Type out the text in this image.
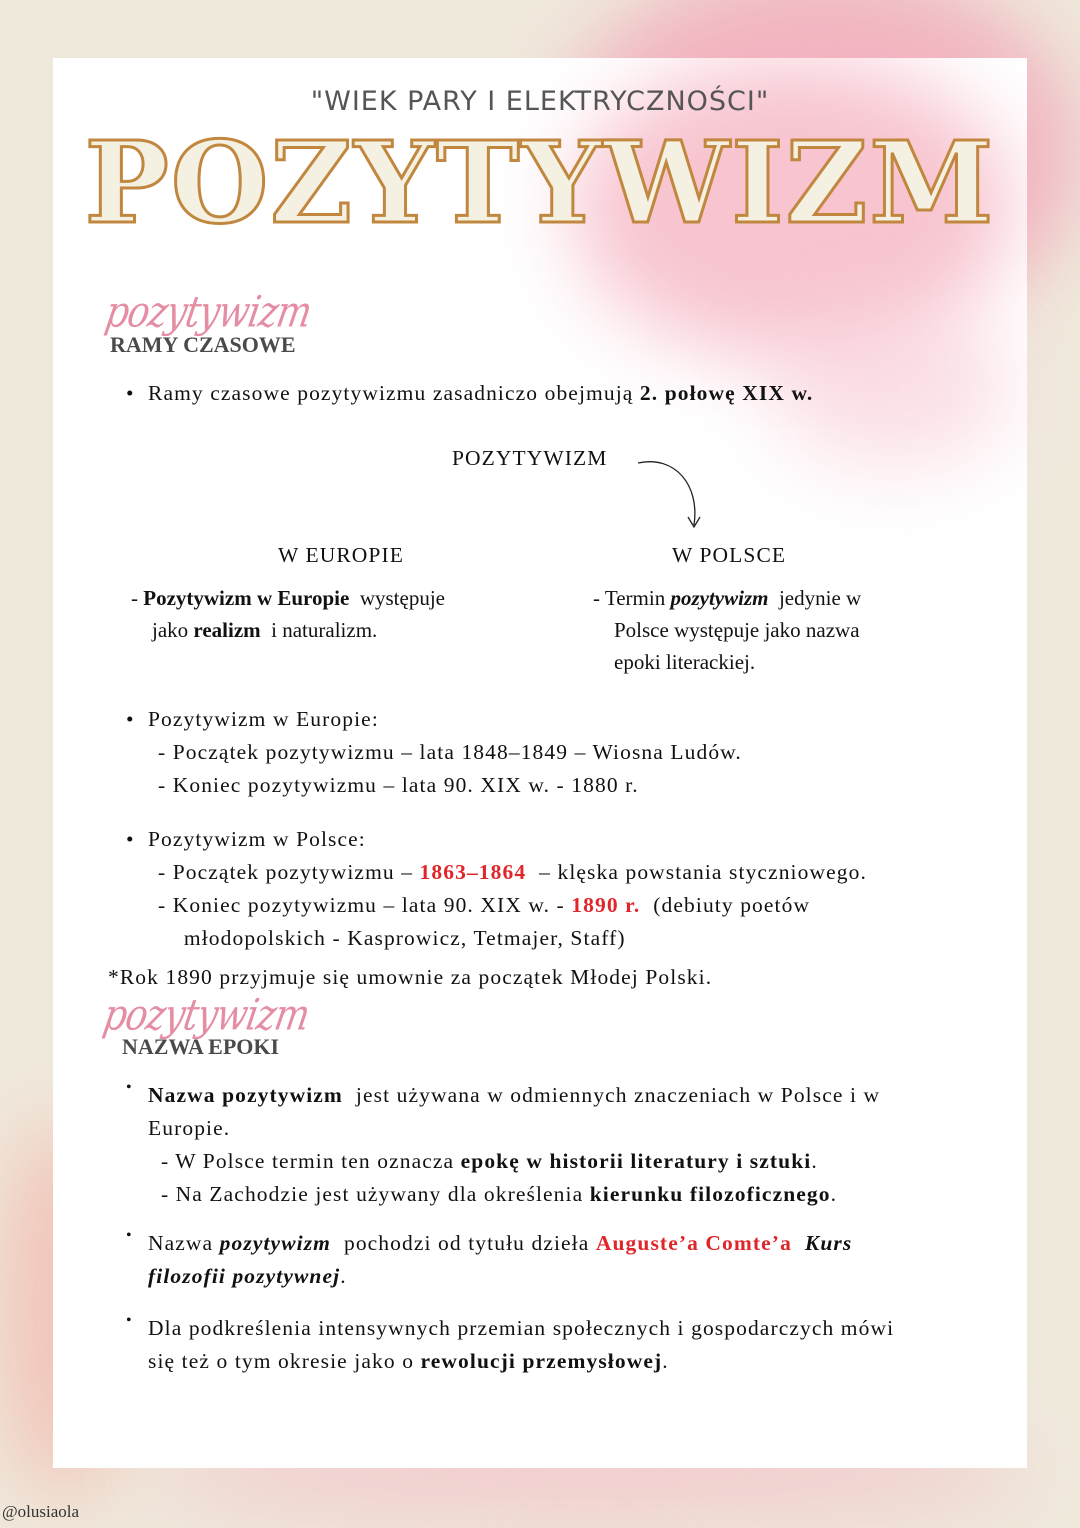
"WIEK PARY I ELEKTRYCZNOŚCI"
POZYTYWIZM
pozytywizm
RAMY CZASOWE
• Ramy czasowe pozytywizmu zasadniczo obejmują 2. połowę XIX w.
POZYTYWIZM
W EUROPIE	W POLSCE
- Pozytywizm w Europie  występuje
jako realizm  i naturalizm.
- Termin pozytywizm  jedynie w
Polsce występuje jako nazwa
epoki literackiej.
• Pozytywizm w Europie:
- Początek pozytywizmu – lata 1848–1849 – Wiosna Ludów.
- Koniec pozytywizmu – lata 90. XIX w. - 1880 r.
• Pozytywizm w Polsce:
- Początek pozytywizmu – 1863–1864  – klęska powstania styczniowego.
- Koniec pozytywizmu – lata 90. XIX w. - 1890 r.  (debiuty poetów
młodopolskich - Kasprowicz, Tetmajer, Staff)
*Rok 1890 przyjmuje się umownie za początek Młodej Polski.
pozytywizm
NAZWA EPOKI
• Nazwa pozytywizm  jest używana w odmiennych znaczeniach w Polsce i w
Europie.
- W Polsce termin ten oznacza epokę w historii literatury i sztuki.
- Na Zachodzie jest używany dla określenia kierunku filozoficznego.
• Nazwa pozytywizm  pochodzi od tytułu dzieła Auguste’a Comte’a Kurs
filozofii pozytywnej.
• Dla podkreślenia intensywnych przemian społecznych i gospodarczych mówi
się też o tym okresie jako o rewolucji przemysłowej.
@olusiaola
